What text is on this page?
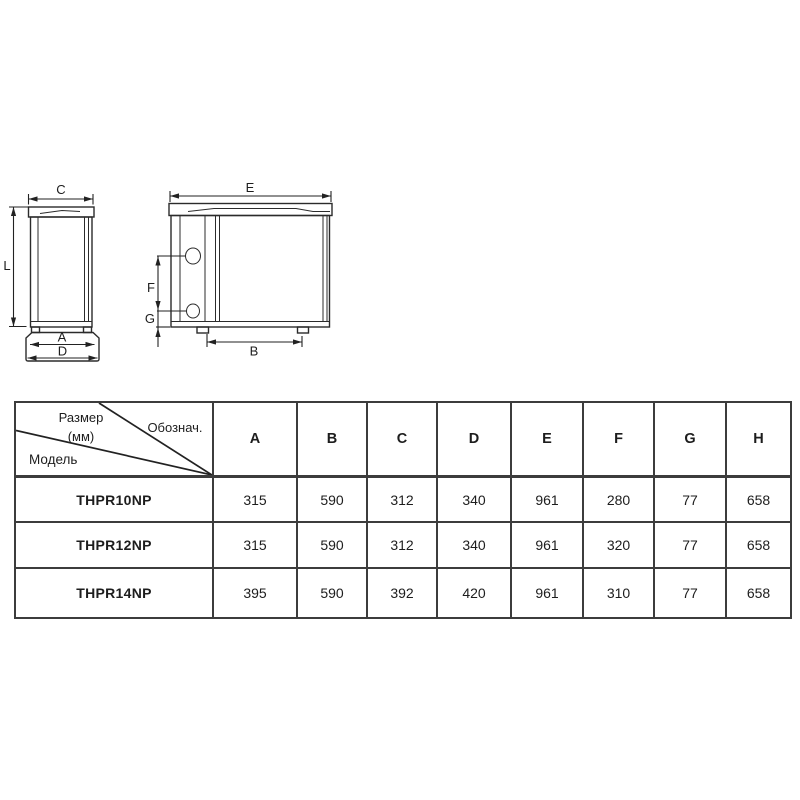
C
L
A
D
E
F
G
B
Размер
(мм)
Обознач.
Модель	A	B	C	D	E	F	G	H
THPR10NP	315	590	312	340	961	280	77	658
THPR12NP	315	590	312	340	961	320	77	658
THPR14NP	395	590	392	420	961	310	77	658
